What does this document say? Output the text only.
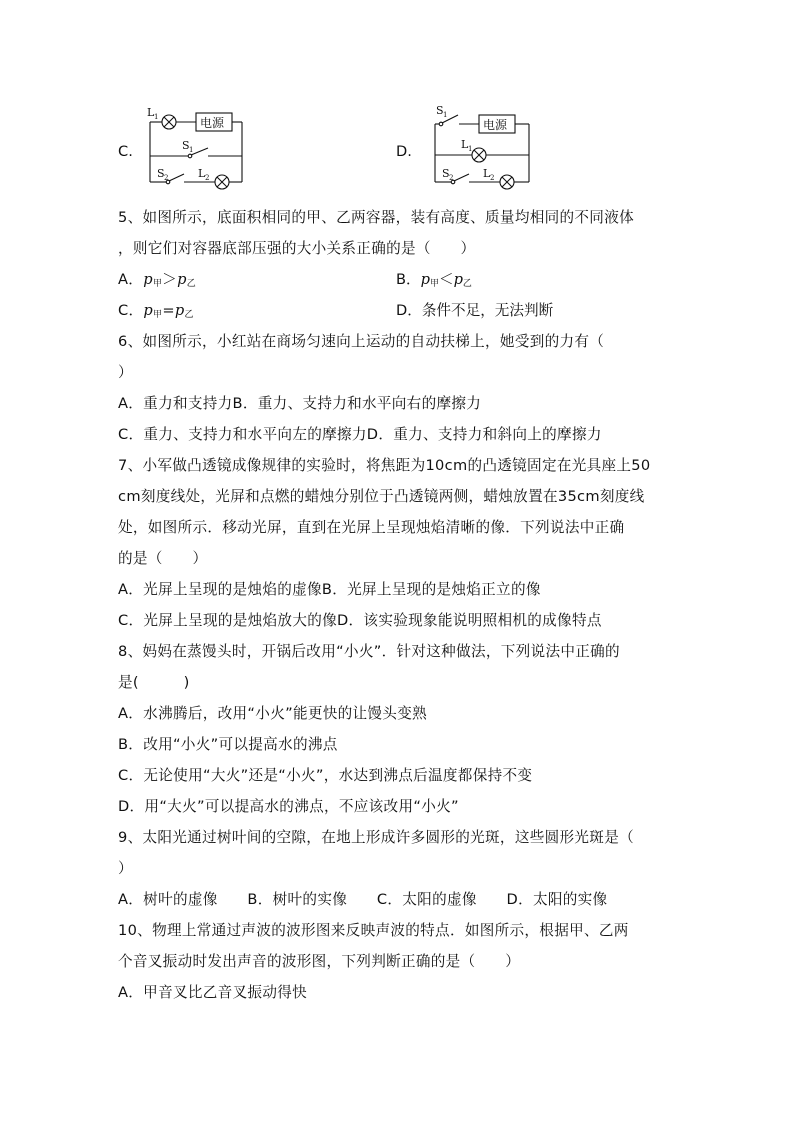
C.
L 1	电源
S 1
S 2	L 2
D.
S 1
电源
L 1
S 2	L 2
5、如图所示，底面积相同的甲、乙两容器，装有高度、质量均相同的不同液体
，则它们对容器底部压强的大小关系正确的是（　　）
A．$p_甲>p_乙$	B．$p_甲<p_乙$
C．$p_甲=p_乙$	D．条件不足，无法判断
6、如图所示，小红站在商场匀速向上运动的自动扶梯上，她受到的力有（
）
A．重力和支持力B．重力、支持力和水平向右的摩擦力
C．重力、支持力和水平向左的摩擦力D．重力、支持力和斜向上的摩擦力
7、小军做凸透镜成像规律的实验时，将焦距为10cm的凸透镜固定在光具座上50
cm刻度线处，光屏和点燃的蜡烛分别位于凸透镜两侧，蜡烛放置在35cm刻度线
处，如图所示．移动光屏，直到在光屏上呈现烛焰清晰的像．下列说法中正确
的是（　　）
A．光屏上呈现的是烛焰的虚像B．光屏上呈现的是烛焰正立的像
C．光屏上呈现的是烛焰放大的像D．该实验现象能说明照相机的成像特点
8、妈妈在蒸馒头时，开锅后改用“小火”．针对这种做法，下列说法中正确的
是(　　　)
A．水沸腾后，改用“小火”能更快的让馒头变熟
B．改用“小火”可以提高水的沸点
C．无论使用“大火”还是“小火”，水达到沸点后温度都保持不变
D．用“大火”可以提高水的沸点，不应该改用“小火”
9、太阳光通过树叶间的空隙，在地上形成许多圆形的光斑，这些圆形光斑是（
）
A．树叶的虚像　　B．树叶的实像　　C．太阳的虚像　　D．太阳的实像
10、物理上常通过声波的波形图来反映声波的特点．如图所示，根据甲、乙两
个音叉振动时发出声音的波形图，下列判断正确的是（　　）
A．甲音叉比乙音叉振动得快
